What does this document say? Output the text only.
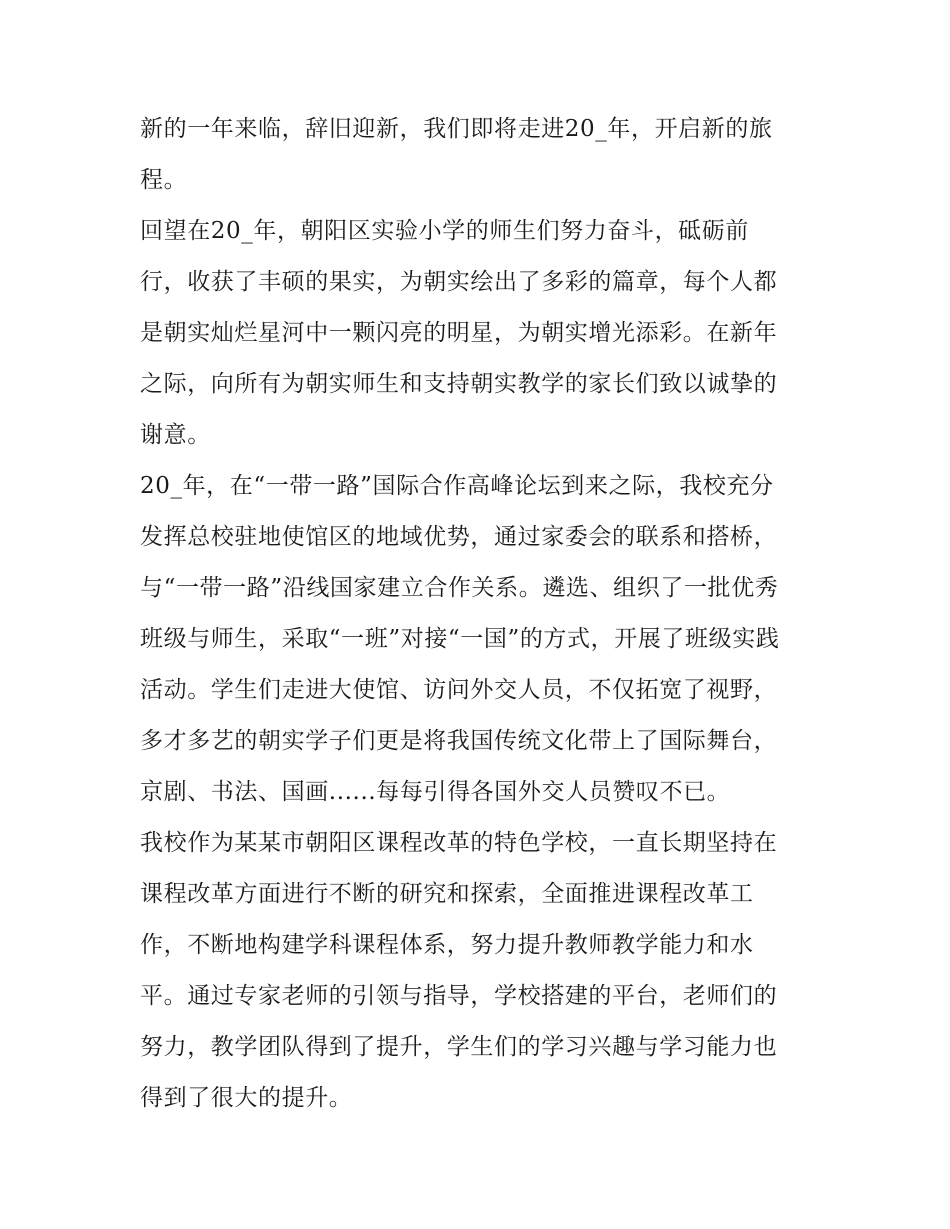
新的一年来临，辞旧迎新，我们即将走进20_年，开启新的旅
程。
回望在20_年，朝阳区实验小学的师生们努力奋斗，砥砺前
行，收获了丰硕的果实，为朝实绘出了多彩的篇章，每个人都
是朝实灿烂星河中一颗闪亮的明星，为朝实增光添彩。在新年
之际，向所有为朝实师生和支持朝实教学的家长们致以诚挚的
谢意。
20_年，在“一带一路”国际合作高峰论坛到来之际，我校充分
发挥总校驻地使馆区的地域优势，通过家委会的联系和搭桥，
与“一带一路”沿线国家建立合作关系。遴选、组织了一批优秀
班级与师生，采取“一班”对接“一国”的方式，开展了班级实践
活动。学生们走进大使馆、访问外交人员，不仅拓宽了视野，
多才多艺的朝实学子们更是将我国传统文化带上了国际舞台，
京剧、书法、国画......每每引得各国外交人员赞叹不已。
我校作为某某市朝阳区课程改革的特色学校，一直长期坚持在
课程改革方面进行不断的研究和探索，全面推进课程改革工
作，不断地构建学科课程体系，努力提升教师教学能力和水
平。通过专家老师的引领与指导，学校搭建的平台，老师们的
努力，教学团队得到了提升，学生们的学习兴趣与学习能力也
得到了很大的提升。
